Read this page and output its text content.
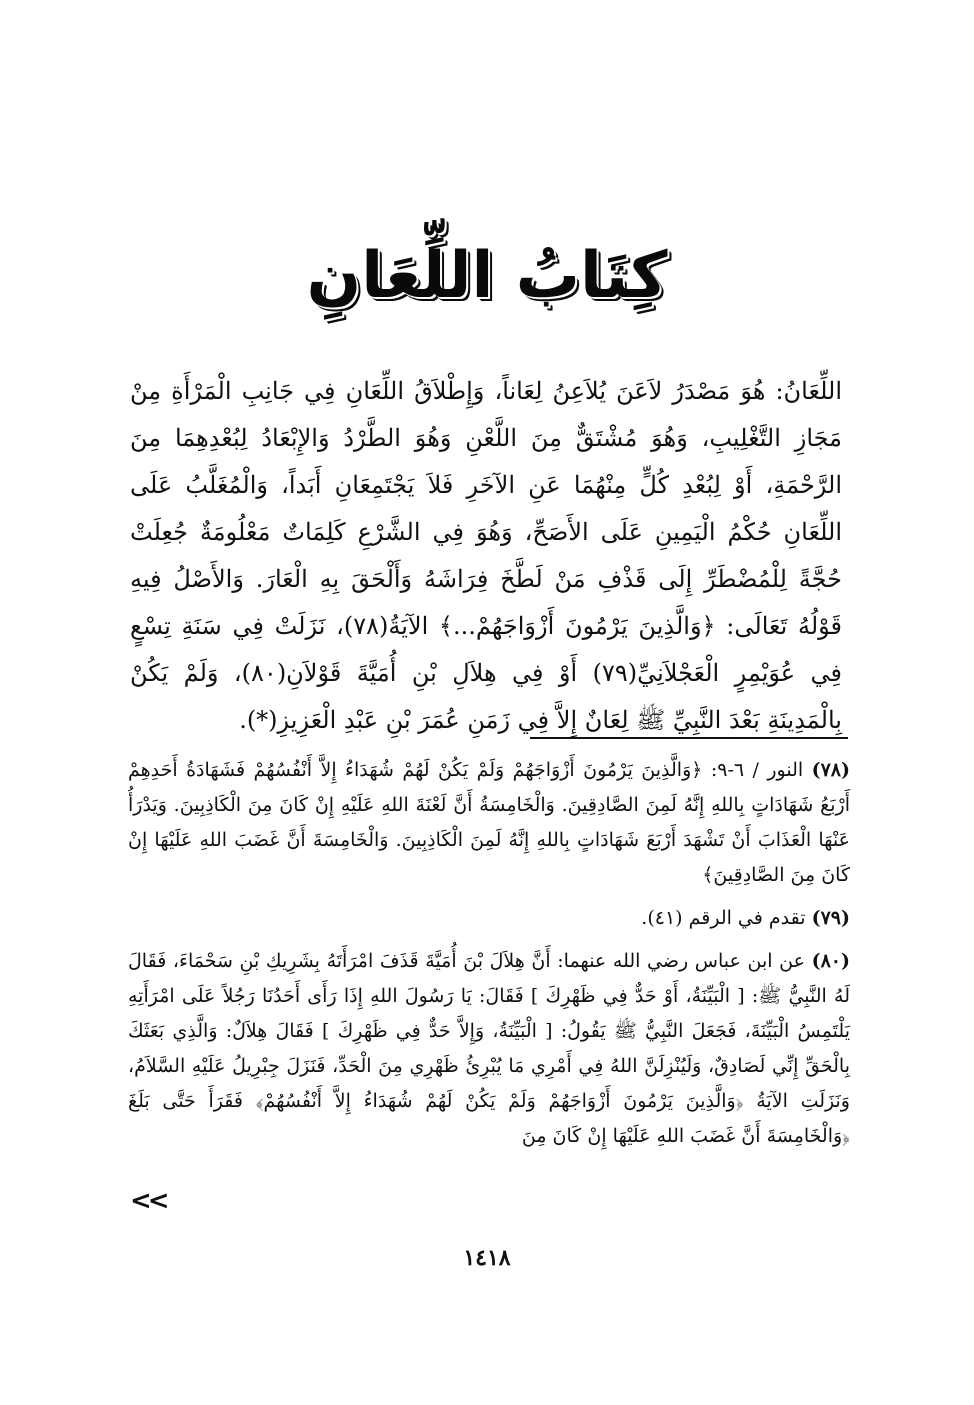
كِتَابُ اللِّعَانِ

اللِّعَانُ: هُوَ مَصْدَرُ لاَعَنَ يُلاَعِنُ لِعَاناً، وَإِطْلاَقُ اللِّعَانِ فِي جَانِبِ الْمَرْأَةِ مِنْ مَجَازِ التَّغْلِيبِ، وَهُوَ مُشْتَقٌّ مِنَ اللَّعْنِ وَهُوَ الطَّرْدُ وَالإِبْعَادُ لِبُعْدِهِمَا مِنَ الرَّحْمَةِ، أَوْ لِبُعْدِ كُلٍّ مِنْهُمَا عَنِ الآخَرِ فَلاَ يَجْتَمِعَانِ أَبَداً، وَالْمُغَلَّبُ عَلَى اللِّعَانِ حُكْمُ الْيَمِينِ عَلَى الأَصَحِّ، وَهُوَ فِي الشَّرْعِ كَلِمَاتٌ مَعْلُومَةٌ جُعِلَتْ حُجَّةً لِلْمُضْطَرِّ إِلَى قَذْفِ مَنْ لَطَّخَ فِرَاشَهُ وَأَلْحَقَ بِهِ الْعَارَ. وَالأَصْلُ فِيهِ قَوْلُهُ تَعَالَى: ﴿وَالَّذِينَ يَرْمُونَ أَزْوَاجَهُمْ...﴾ الآيَةُ(٧٨)، نَزَلَتْ فِي سَنَةِ تِسْعٍ فِي عُوَيْمِرٍ الْعَجْلاَنِيِّ(٧٩) أَوْ فِي هِلاَلِ بْنِ أُمَيَّةَ قَوْلاَنِ(٨٠)، وَلَمْ يَكُنْ بِالْمَدِينَةِ بَعْدَ النَّبِيِّ ﷺ لِعَانٌ إِلاَّ فِي زَمَنِ عُمَرَ بْنِ عَبْدِ الْعَزِيزِ(*).

(٧٨) النور / ٦-٩: ﴿وَالَّذِينَ يَرْمُونَ أَزْوَاجَهُمْ وَلَمْ يَكُنْ لَهُمْ شُهَدَاءُ إِلاَّ أَنْفُسُهُمْ فَشَهَادَةُ أَحَدِهِمْ أَرْبَعُ شَهَادَاتٍ بِاللهِ إِنَّهُ لَمِنَ الصَّادِقِينَ. وَالْخَامِسَةُ أَنَّ لَعْنَةَ اللهِ عَلَيْهِ إِنْ كَانَ مِنَ الْكَاذِبِينَ. وَيَدْرَأُ عَنْهَا الْعَذَابَ أَنْ تَشْهَدَ أَرْبَعَ شَهَادَاتٍ بِاللهِ إِنَّهُ لَمِنَ الْكَاذِبِينَ. وَالْخَامِسَةَ أَنَّ غَضَبَ اللهِ عَلَيْهَا إِنْ كَانَ مِنَ الصَّادِقِينَ﴾

(٧٩) تقدم في الرقم (٤١).

(٨٠) عن ابن عباس رضي الله عنهما: أَنَّ هِلاَلَ بْنَ أُمَيَّةَ قَذَفَ امْرَأَتَهُ بِشَرِيكِ بْنِ سَحْمَاءَ، فَقَالَ لَهُ النَّبِيُّ ﷺ: [ الْبَيِّنَةُ، أَوْ حَدٌّ فِي ظَهْرِكَ ] فَقَالَ: يَا رَسُولَ اللهِ إِذَا رَأَى أَحَدُنَا رَجُلاً عَلَى امْرَأَتِهِ يَلْتَمِسُ الْبَيِّنَةَ، فَجَعَلَ النَّبِيُّ ﷺ يَقُولُ: [ الْبَيِّنَةُ، وَإِلاَّ حَدٌّ فِي ظَهْرِكَ ] فَقَالَ هِلاَلٌ: وَالَّذِي بَعَثَكَ بِالْحَقِّ إِنِّي لَصَادِقٌ، وَلَيُنْزِلَنَّ اللهُ فِي أَمْرِي مَا يُبْرِئُ ظَهْرِي مِنَ الْحَدِّ، فَنَزَلَ جِبْرِيلُ عَلَيْهِ السَّلاَمُ، وَنَزَلَتِ الآيَةُ ﴿وَالَّذِينَ يَرْمُونَ أَزْوَاجَهُمْ وَلَمْ يَكُنْ لَهُمْ شُهَدَاءُ إِلاَّ أَنْفُسُهُمْ﴾ فَقَرَأَ حَتَّى بَلَغَ ﴿وَالْخَامِسَةَ أَنَّ غَضَبَ اللهِ عَلَيْهَا إِنْ كَانَ مِنَ

<<
١٤١٨
